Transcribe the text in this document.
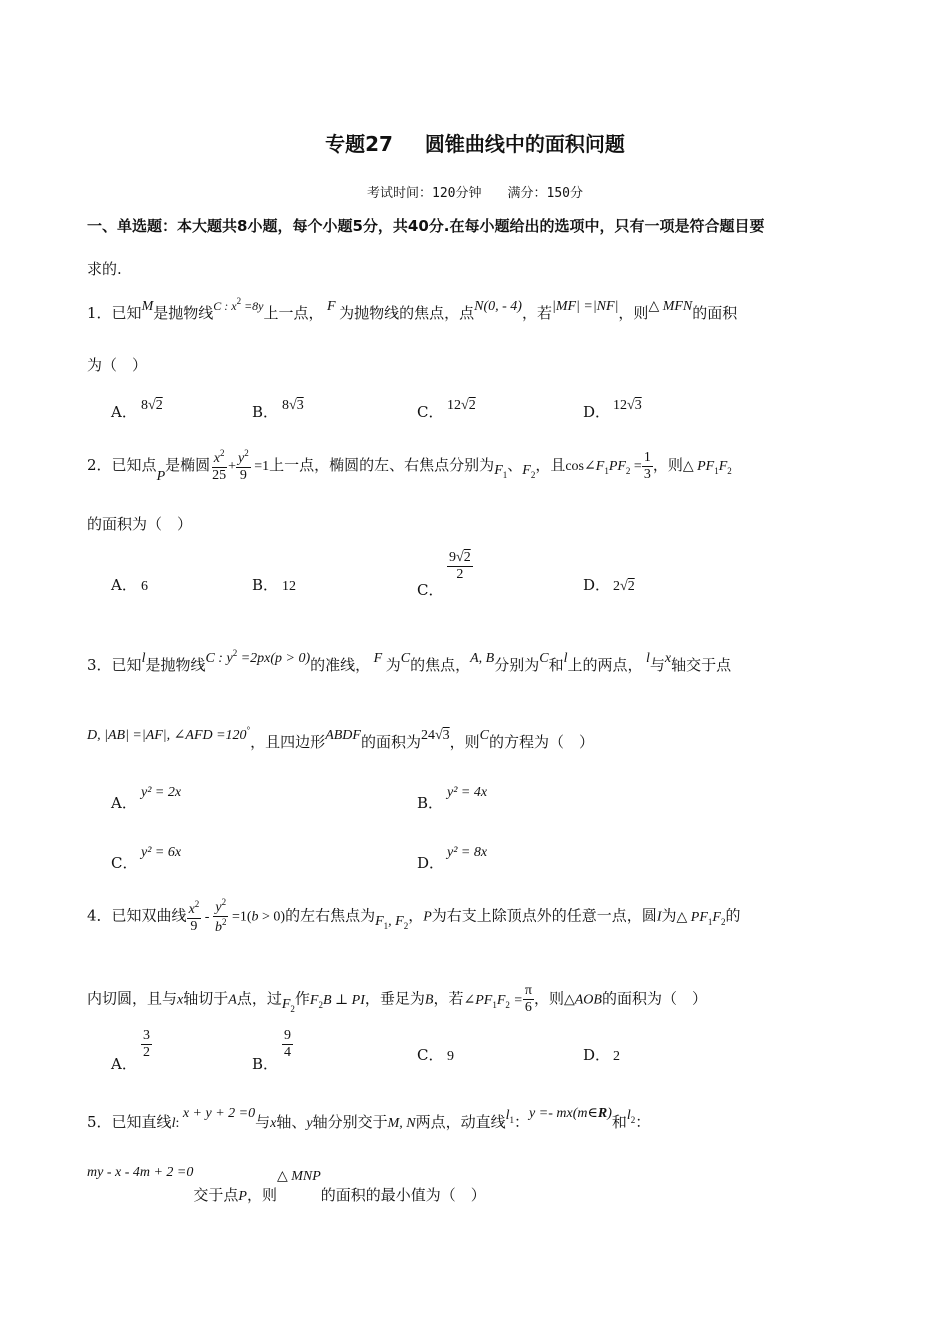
专题27 圆锥曲线中的面积问题
考试时间：120分钟 满分：150分
一、单选题：本大题共8小题，每个小题5分，共40分.在每小题给出的选项中，只有一项是符合题目要
求的.
1．已知M是抛物线$^{C : x^2 =8y}$上一点， F 为抛物线的焦点，点N(0, - 4)，若|MF| =|NF|，则△ MFN的面积
为（　）
A． 8√2	B． 8√3	C． 12√2	D． 12√3
2．已知点P是椭圆 $\frac{x^2}{25} + \frac{y^2}{9} =1$上一点，椭圆的左、右焦点分别为$F_1$、$F_2$，且$\cos\angle F_1PF_2 = \frac{1}{3}$ ，则△ $PF_1F_2$
的面积为（　）
A． 6	B． 12	C．
$\frac{9√2}{2}$
D． 2√2
3．已知l是抛物线C : $y^2 =2px(p > 0)$的准线， F 为C的焦点，A, B分别为C和l上的两点， l与x轴交于点
D, |AB| =|AF|, ∠AFD =120°，且四边形ABDF的面积为24√3，则C的方程为（　）
A．y² = 2x
B．y² = 4x
C．y² = 6x
D．y² = 8x
4．已知双曲线 $\frac{x^2}{9} - \frac{y^2}{b^2} =1(b > 0)$的左右焦点为$F_1$, $F_2$，P为右支上除顶点外的任意一点，圆I为△ $PF_1F_2$的
内切圆，且与x轴切于A点，过$F_2$作$F_2B$ ⊥ PI，垂足为B，若$\angle PF_1F_2 = \frac{\pi}{6}$ ，则△AOB的面积为（　）
A．
$\frac{3}{2}$
B．
$\frac{9}{4}$	C． 9	D． 2
5．已知直线l: x + y + 2 =0与x轴、y轴分别交于M, N两点，动直线$l_1$：y =- mx(m∈R)和$l_2$：
my - x - 4m + 2 =0交于点P，则△ MNP的面积的最小值为（　）
